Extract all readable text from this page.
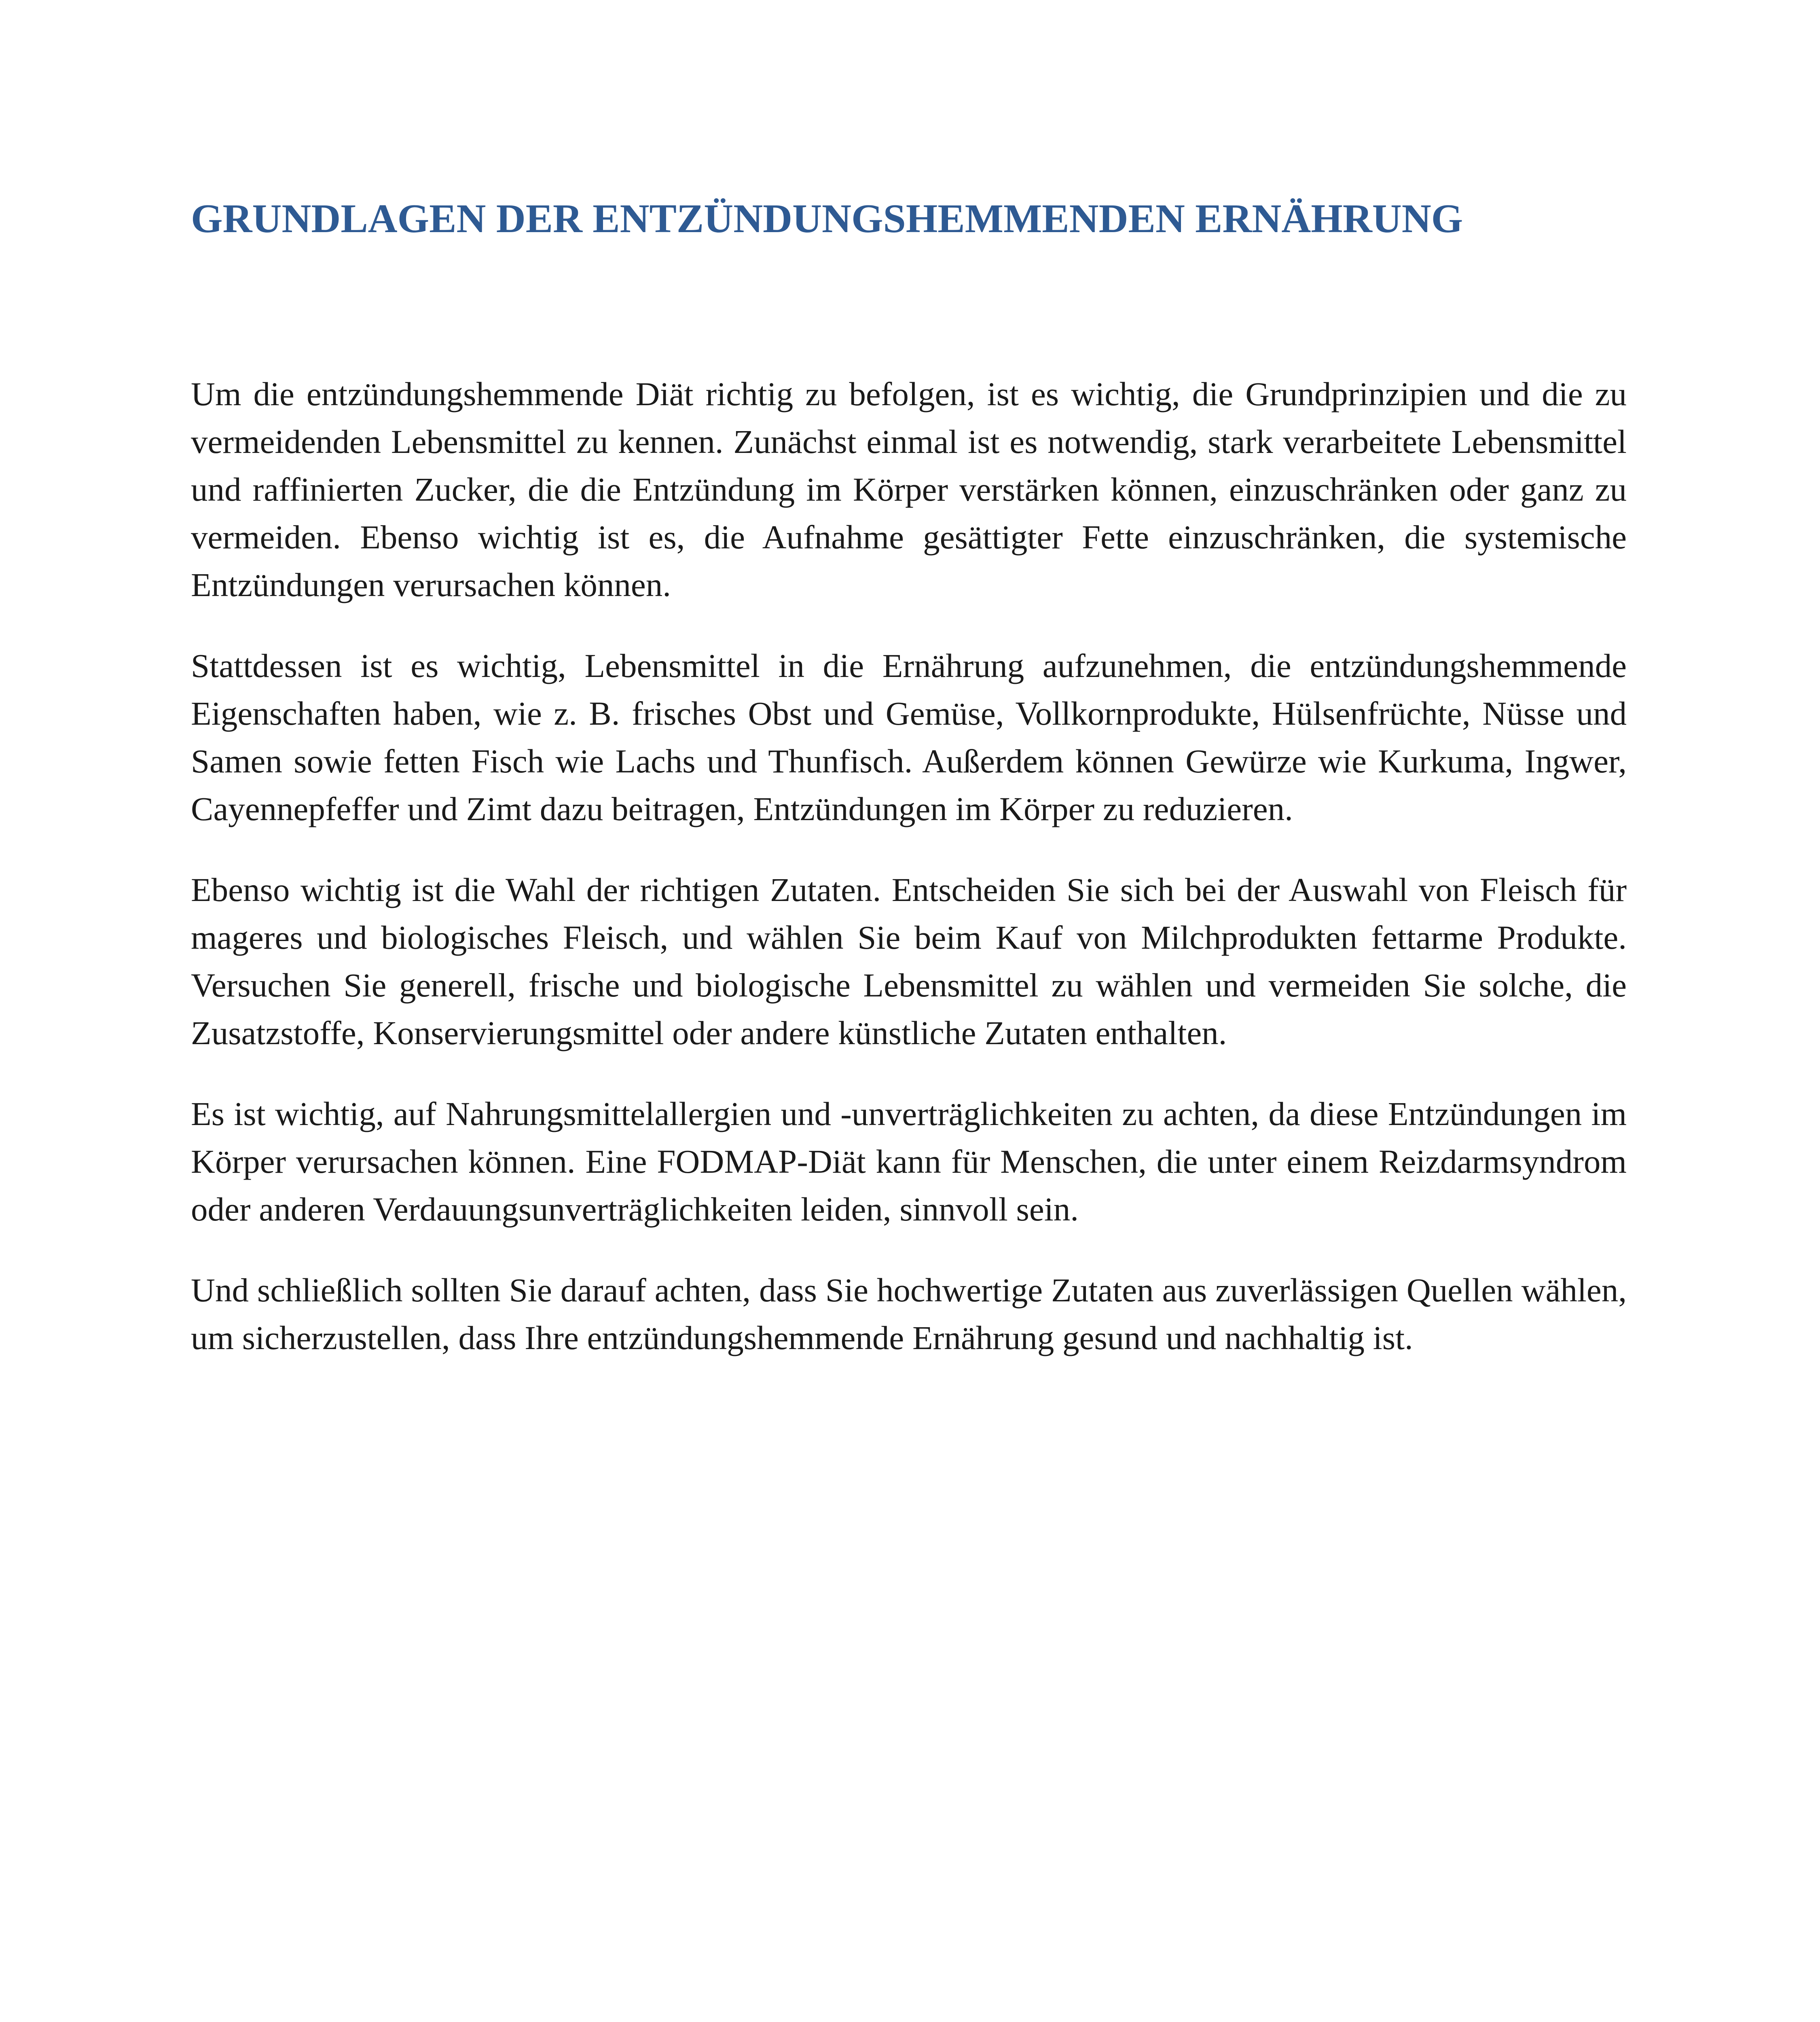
GRUNDLAGEN DER ENTZÜNDUNGSHEMMENDEN ERNÄHRUNG

Um die entzündungshemmende Diät richtig zu befolgen, ist es wichtig, die Grundprinzipien und die zu vermeidenden Lebensmittel zu kennen. Zunächst einmal ist es notwendig, stark verarbeitete Lebensmittel und raffinierten Zucker, die die Entzündung im Körper verstärken können, einzuschränken oder ganz zu vermeiden. Ebenso wichtig ist es, die Aufnahme gesättigter Fette einzuschränken, die systemische Entzündungen verursachen können.

Stattdessen ist es wichtig, Lebensmittel in die Ernährung aufzunehmen, die entzündungshemmende Eigenschaften haben, wie z. B. frisches Obst und Gemüse, Vollkornprodukte, Hülsenfrüchte, Nüsse und Samen sowie fetten Fisch wie Lachs und Thunfisch. Außerdem können Gewürze wie Kurkuma, Ingwer, Cayennepfeffer und Zimt dazu beitragen, Entzündungen im Körper zu reduzieren.

Ebenso wichtig ist die Wahl der richtigen Zutaten. Entscheiden Sie sich bei der Auswahl von Fleisch für mageres und biologisches Fleisch, und wählen Sie beim Kauf von Milchprodukten fettarme Produkte. Versuchen Sie generell, frische und biologische Lebensmittel zu wählen und vermeiden Sie solche, die Zusatzstoffe, Konservierungsmittel oder andere künstliche Zutaten enthalten.

Es ist wichtig, auf Nahrungsmittelallergien und -unverträglichkeiten zu achten, da diese Entzündungen im Körper verursachen können. Eine FODMAP-Diät kann für Menschen, die unter einem Reizdarmsyndrom oder anderen Verdauungsunverträglichkeiten leiden, sinnvoll sein.

Und schließlich sollten Sie darauf achten, dass Sie hochwertige Zutaten aus zuverlässigen Quellen wählen, um sicherzustellen, dass Ihre entzündungshemmende Ernährung gesund und nachhaltig ist.
